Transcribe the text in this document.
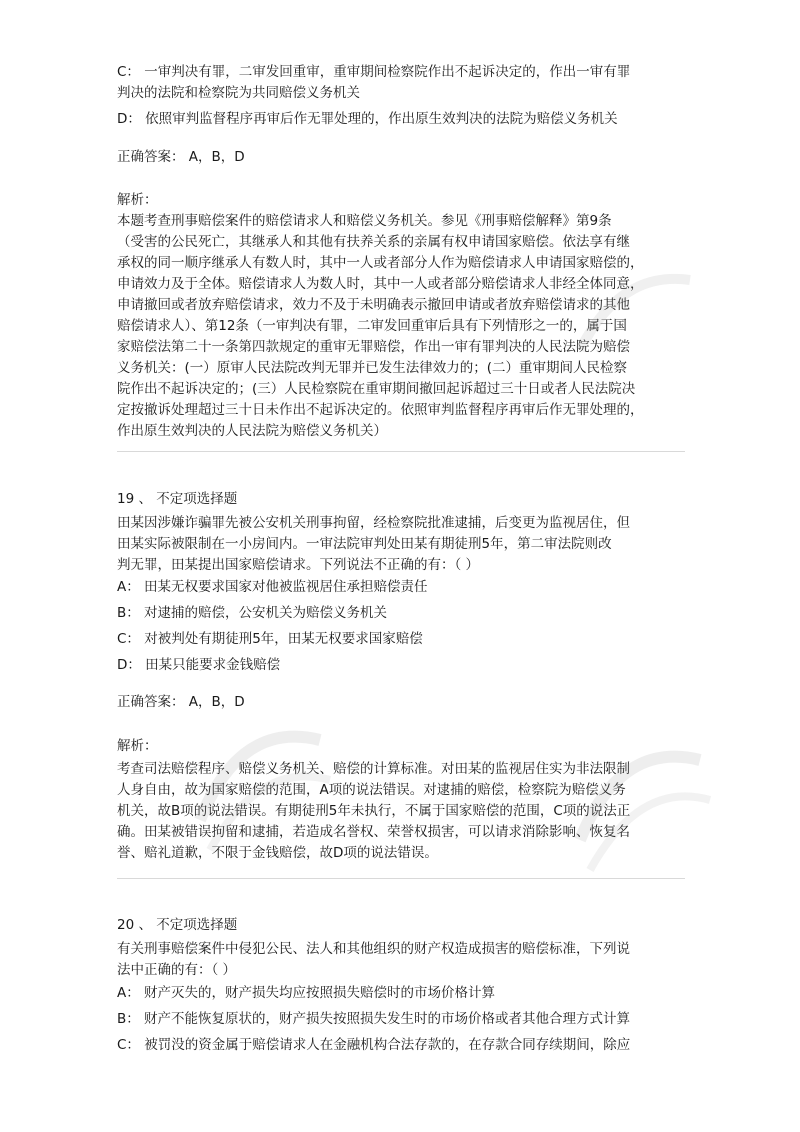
C： 一审判决有罪，二审发回重审，重审期间检察院作出不起诉决定的，作出一审有罪
判决的法院和检察院为共同赔偿义务机关
D： 依照审判监督程序再审后作无罪处理的，作出原生效判决的法院为赔偿义务机关
正确答案： A，B，D
解析：
本题考查刑事赔偿案件的赔偿请求人和赔偿义务机关。参见《刑事赔偿解释》第9条
（受害的公民死亡，其继承人和其他有扶养关系的亲属有权申请国家赔偿。依法享有继
承权的同一顺序继承人有数人时，其中一人或者部分人作为赔偿请求人申请国家赔偿的，
申请效力及于全体。赔偿请求人为数人时，其中一人或者部分赔偿请求人非经全体同意，
申请撤回或者放弃赔偿请求，效力不及于未明确表示撤回申请或者放弃赔偿请求的其他
赔偿请求人）、第12条（一审判决有罪，二审发回重审后具有下列情形之一的，属于国
家赔偿法第二十一条第四款规定的重审无罪赔偿，作出一审有罪判决的人民法院为赔偿
义务机关：(一）原审人民法院改判无罪并已发生法律效力的；(二）重审期间人民检察
院作出不起诉决定的；(三）人民检察院在重审期间撤回起诉超过三十日或者人民法院决
定按撤诉处理超过三十日未作出不起诉决定的。依照审判监督程序再审后作无罪处理的，
作出原生效判决的人民法院为赔偿义务机关）
19 、 不定项选择题
田某因涉嫌诈骗罪先被公安机关刑事拘留，经检察院批准逮捕，后变更为监视居住，但
田某实际被限制在一小房间内。一审法院审判处田某有期徒刑5年，第二审法院则改
判无罪，田某提出国家赔偿请求。下列说法不正确的有：（ ）
A： 田某无权要求国家对他被监视居住承担赔偿责任
B： 对逮捕的赔偿，公安机关为赔偿义务机关
C： 对被判处有期徒刑5年，田某无权要求国家赔偿
D： 田某只能要求金钱赔偿
正确答案： A，B，D
解析：
考查司法赔偿程序、赔偿义务机关、赔偿的计算标准。对田某的监视居住实为非法限制
人身自由，故为国家赔偿的范围，A项的说法错误。对逮捕的赔偿，检察院为赔偿义务
机关，故B项的说法错误。有期徒刑5年未执行，不属于国家赔偿的范围，C项的说法正
确。田某被错误拘留和逮捕，若造成名誉权、荣誉权损害，可以请求消除影响、恢复名
誉、赔礼道歉，不限于金钱赔偿，故D项的说法错误。
20 、 不定项选择题
有关刑事赔偿案件中侵犯公民、法人和其他组织的财产权造成损害的赔偿标准，下列说
法中正确的有：（ ）
A： 财产灭失的，财产损失均应按照损失赔偿时的市场价格计算
B： 财产不能恢复原状的，财产损失按照损失发生时的市场价格或者其他合理方式计算
C： 被罚没的资金属于赔偿请求人在金融机构合法存款的，在存款合同存续期间，除应
